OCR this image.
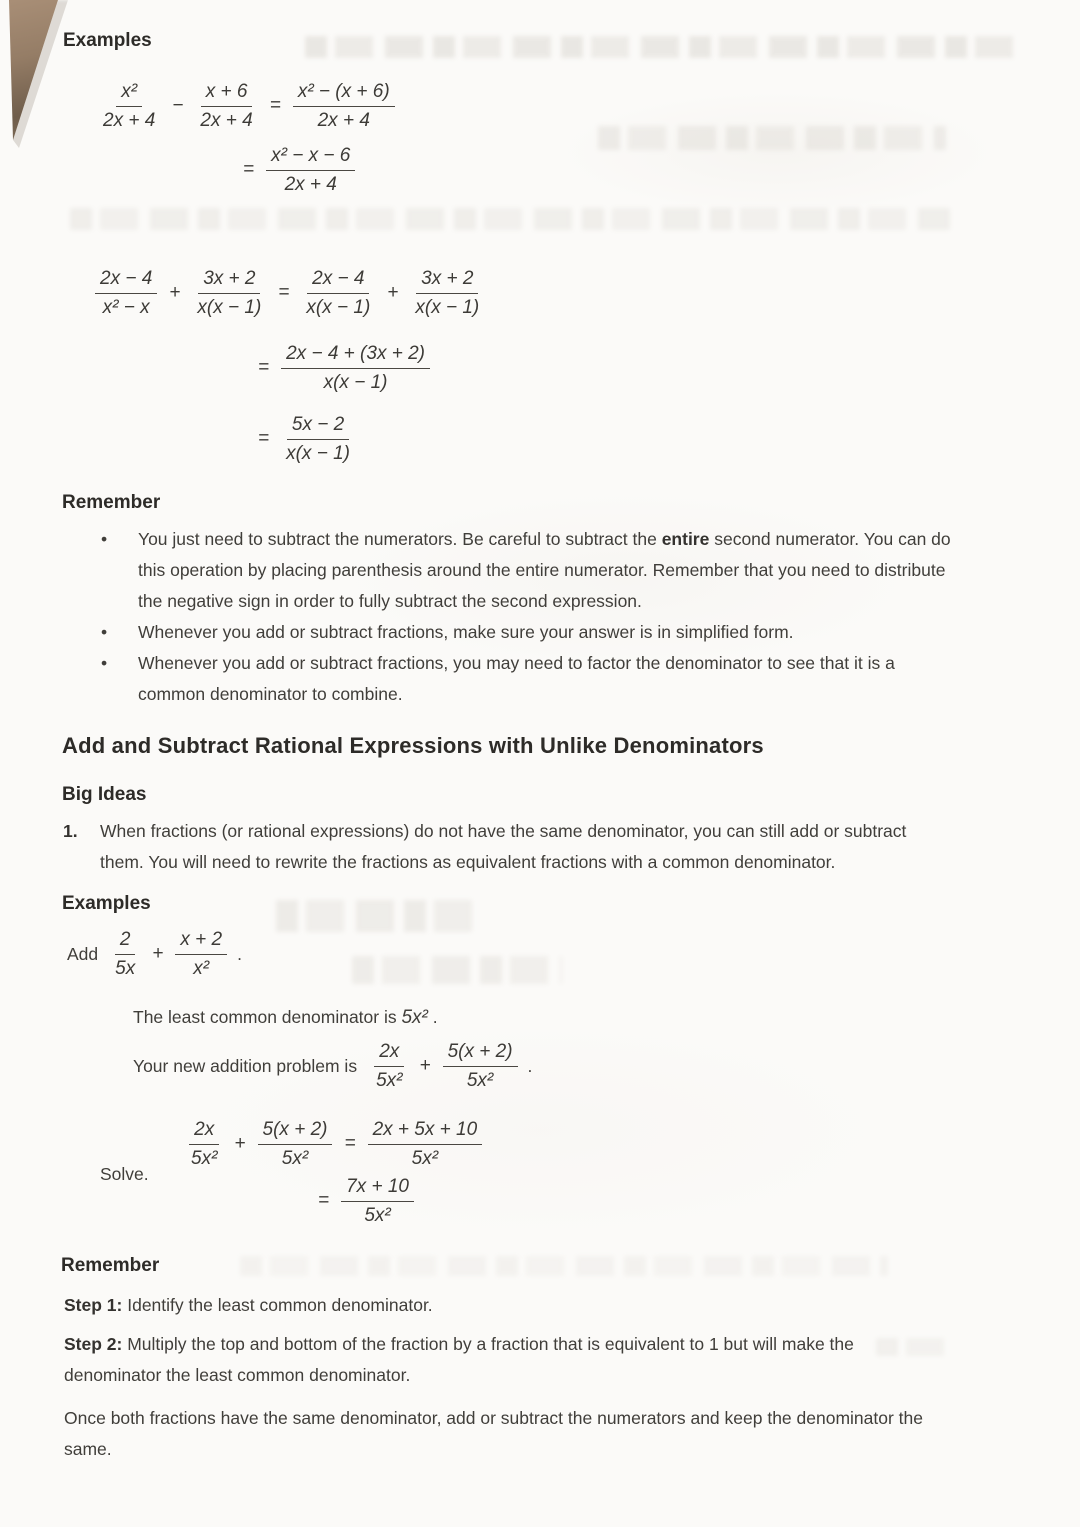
Examples
$\frac{\text{x²}}{2x + 4} - \frac{x + 6}{2x + 4} = \frac{\text{x² − (x + 6)}}{2x + 4}$
= $\frac{\text{x² − x − 6}}{2x + 4}$
$\frac{2x - 4}{\text{x² − x}} + \frac{3x + 2}{x(x - 1)} = \frac{2x - 4}{x(x - 1)} + \frac{3x + 2}{x(x - 1)}$
= $\frac{2x - 4 + (3x + 2)}{x(x - 1)}$
= $\frac{5x - 2}{x(x - 1)}$
Remember
•	You just need to subtract the numerators. Be careful to subtract the entire second numerator. You can do this operation by placing parenthesis around the entire numerator. Remember that you need to distribute the negative sign in order to fully subtract the second expression.
•	Whenever you add or subtract fractions, make sure your answer is in simplified form.
•	Whenever you add or subtract fractions, you may need to factor the denominator to see that it is a common denominator to combine.
Add and Subtract Rational Expressions with Unlike Denominators
Big Ideas
1.	When fractions (or rational expressions) do not have the same denominator, you can still add or subtract them. You will need to rewrite the fractions as equivalent fractions with a common denominator.
Examples
Add $\frac{2}{5x} + \frac{x + 2}{\text{x²}}$ .

The least common denominator is 5x² .

Your new addition problem is $\frac{2x}{\text{5x²}} + \frac{5(x + 2)}{\text{5x²}}$ .
Solve.
$\frac{2x}{\text{5x²}} + \frac{5(x + 2)}{\text{5x²}} = \frac{2x + 5x + 10}{\text{5x²}}$
= $\frac{7x + 10}{\text{5x²}}$
Remember

Step 1: Identify the least common denominator.

Step 2: Multiply the top and bottom of the fraction by a fraction that is equivalent to 1 but will make the denominator the least common denominator.

Once both fractions have the same denominator, add or subtract the numerators and keep the denominator the same.
